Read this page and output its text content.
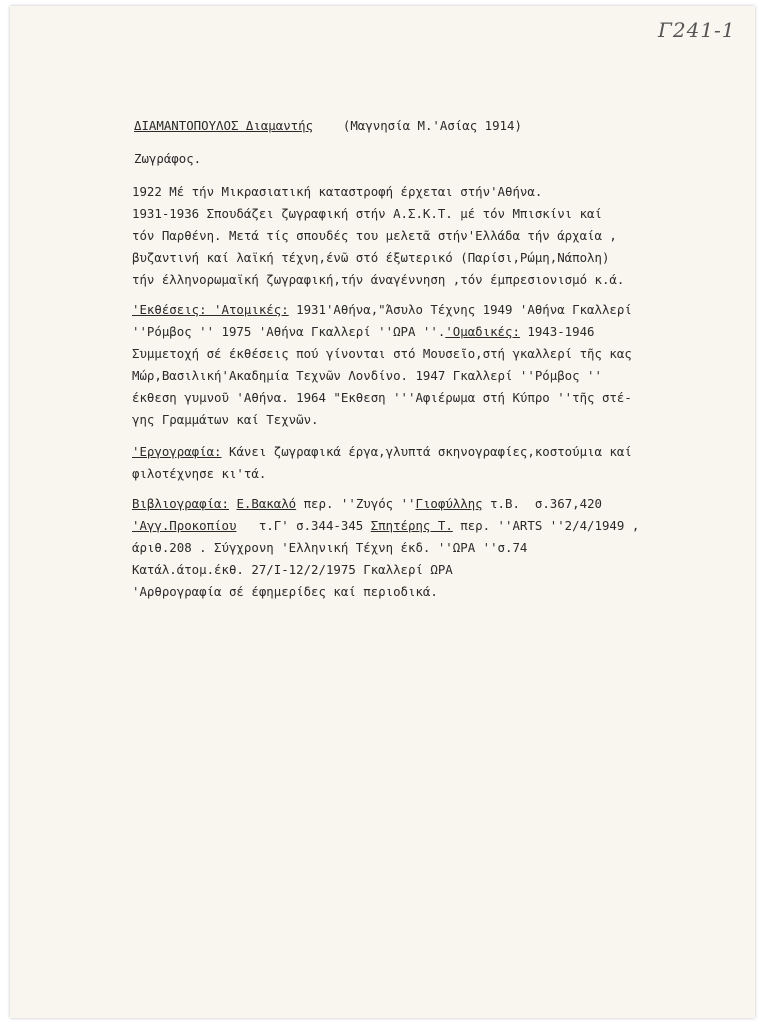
Γ241-1
ΔΙΑΜΑΝΤΟΠΟΥΛΟΣ Διαμαντής (Μαγνησία Μ.'Ασίας 1914)
Ζωγράφος.
1922 Μέ τήν Μικρασιατική καταστροφή έρχεται στήν'Αθήνα.
1931-1936 Σπουδάζει ζωγραφική στήν Α.Σ.Κ.Τ. μέ τόν Μπισκίνι καί
τόν Παρθένη. Μετά τίς σπουδές του μελετᾶ στήν'Ελλάδα τήν άρχαία ,
βυζαντινή καί λαϊκή τέχνη,ένῶ στό έξωτερικό (Παρίσι,Ρώμη,Νάπολη)
τήν έλληνορωμαϊκή ζωγραφική,τήν άναγέννηση ,τόν έμπρεσιονισμό κ.ά.
'Εκθέσεις: 'Ατομικές: 1931'Αθήνα,"Άσυλο Τέχνης 1949 'Αθήνα Γκαλλερί
''Ρόμβος '' 1975 'Αθήνα Γκαλλερί ''ΩΡΑ ''.'Ομαδικές: 1943-1946
Συμμετοχή σέ έκθέσεις πού γίνονται στό Μουσεῖο,στή γκαλλερί τῆς κας
Μώρ,Βασιλική'Ακαδημία Τεχνῶν Λονδίνο. 1947 Γκαλλερί ''Ρόμβος ''
έκθεση γυμνοῦ 'Αθήνα. 1964 "Εκθεση '''Αφιέρωμα στή Κύπρο ''τῆς στέ-
γης Γραμμάτων καί Τεχνῶν.
'Εργογραφία: Κάνει ζωγραφικά έργα,γλυπτά σκηνογραφίες,κοστούμια καί
φιλοτέχνησε κι'τά.
Βιβλιογραφία: Ε.Βακαλό περ. ''Ζυγός ''Γιοφύλλης τ.Β.  σ.367,420
'Αγγ.Προκοπίου   τ.Γ' σ.344-345 Σπητέρης Τ. περ. ''ARTS ''2/4/1949 ,
άριθ.208 . Σύγχρονη 'Ελληνική Τέχνη έκδ. ''ΩΡΑ ''σ.74
Κατάλ.άτομ.έκθ. 27/Ι-12/2/1975 Γκαλλερί ΩΡΑ
'Αρθρογραφία σέ έφημερίδες καί περιοδικά.
